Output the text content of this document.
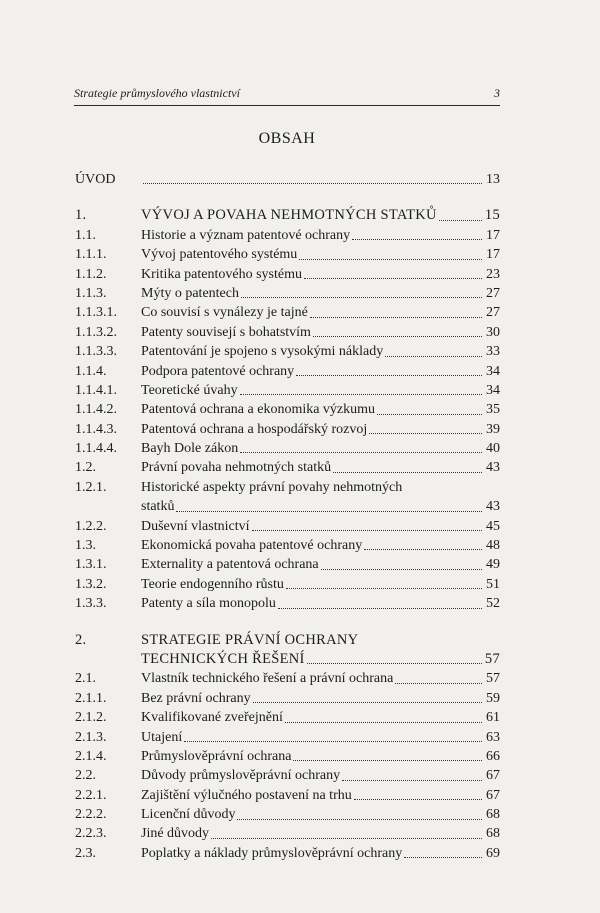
Strategie průmyslového vlastnictví	3
OBSAH
ÚVOD	13
1.	VÝVOJ A POVAHA NEHMOTNÝCH STATKŮ	15
1.1.	Historie a význam patentové ochrany	17
1.1.1.	Vývoj patentového systému	17
1.1.2.	Kritika patentového systému	23
1.1.3.	Mýty o patentech	27
1.1.3.1.	Co souvisí s vynálezy je tajné	27
1.1.3.2.	Patenty souvisejí s bohatstvím	30
1.1.3.3.	Patentování je spojeno s vysokými náklady	33
1.1.4.	Podpora patentové ochrany	34
1.1.4.1.	Teoretické úvahy	34
1.1.4.2.	Patentová ochrana a ekonomika výzkumu	35
1.1.4.3.	Patentová ochrana a hospodářský rozvoj	39
1.1.4.4.	Bayh Dole zákon	40
1.2.	Právní povaha nehmotných statků	43
1.2.1.	Historické aspekty právní povahy nehmotných
statků	43
1.2.2.	Duševní vlastnictví	45
1.3.	Ekonomická povaha patentové ochrany	48
1.3.1.	Externality a patentová ochrana	49
1.3.2.	Teorie endogenního růstu	51
1.3.3.	Patenty a síla monopolu	52
2.	STRATEGIE PRÁVNÍ OCHRANY
TECHNICKÝCH ŘEŠENÍ	57
2.1.	Vlastník technického řešení a právní ochrana	57
2.1.1.	Bez právní ochrany	59
2.1.2.	Kvalifikované zveřejnění	61
2.1.3.	Utajení	63
2.1.4.	Průmyslověprávní ochrana	66
2.2.	Důvody průmyslověprávní ochrany	67
2.2.1.	Zajištění výlučného postavení na trhu	67
2.2.2.	Licenční důvody	68
2.2.3.	Jiné důvody	68
2.3.	Poplatky a náklady průmyslověprávní ochrany	69
